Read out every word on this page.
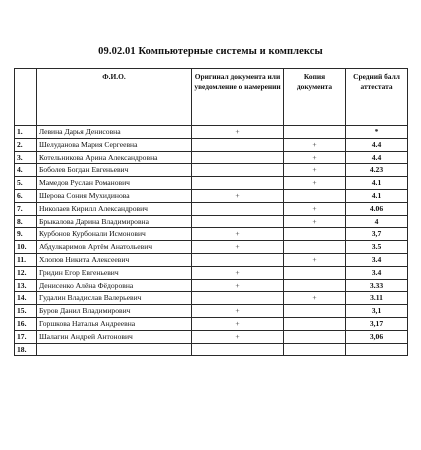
09.02.01 Компьютерные системы и комплексы
	Ф.И.О.	Оригинал документа или уведомление о намерении	Копия документа	Средний балл аттестата
1.	Левина Дарья Денисовна	+		*
2.	Шелуданова Мария Сергеевна		+	4.4
3.	Котельникова Арина Александровна		+	4.4
4.	Боболев Богдан Евгеньевич		+	4.23
5.	Мамедов Руслан Романович		+	4.1
6.	Шерова Сония Мухидинова	+		4.1
7.	Николаев Кирилл Александрович		+	4.06
8.	Брыкалова Дарина Владимировна		+	4
9.	Курбонов Курбонали Исмонович	+		3,7
10.	Абдулкаримов Артём Анатольевич	+		3.5
11.	Хлопов Никита Алексеевич		+	3.4
12.	Гридин Егор Евгеньевич	+		3.4
13.	Денисенко Алёна Фёдоровна	+		3.33
14.	Гудалин Владислав Валерьевич		+	3.11
15.	Буров Данил Владимирович	+		3,1
16.	Горшкова Наталья Андреевна	+		3,17
17.	Шалагин Андрей Антонович	+		3,06
18.				
